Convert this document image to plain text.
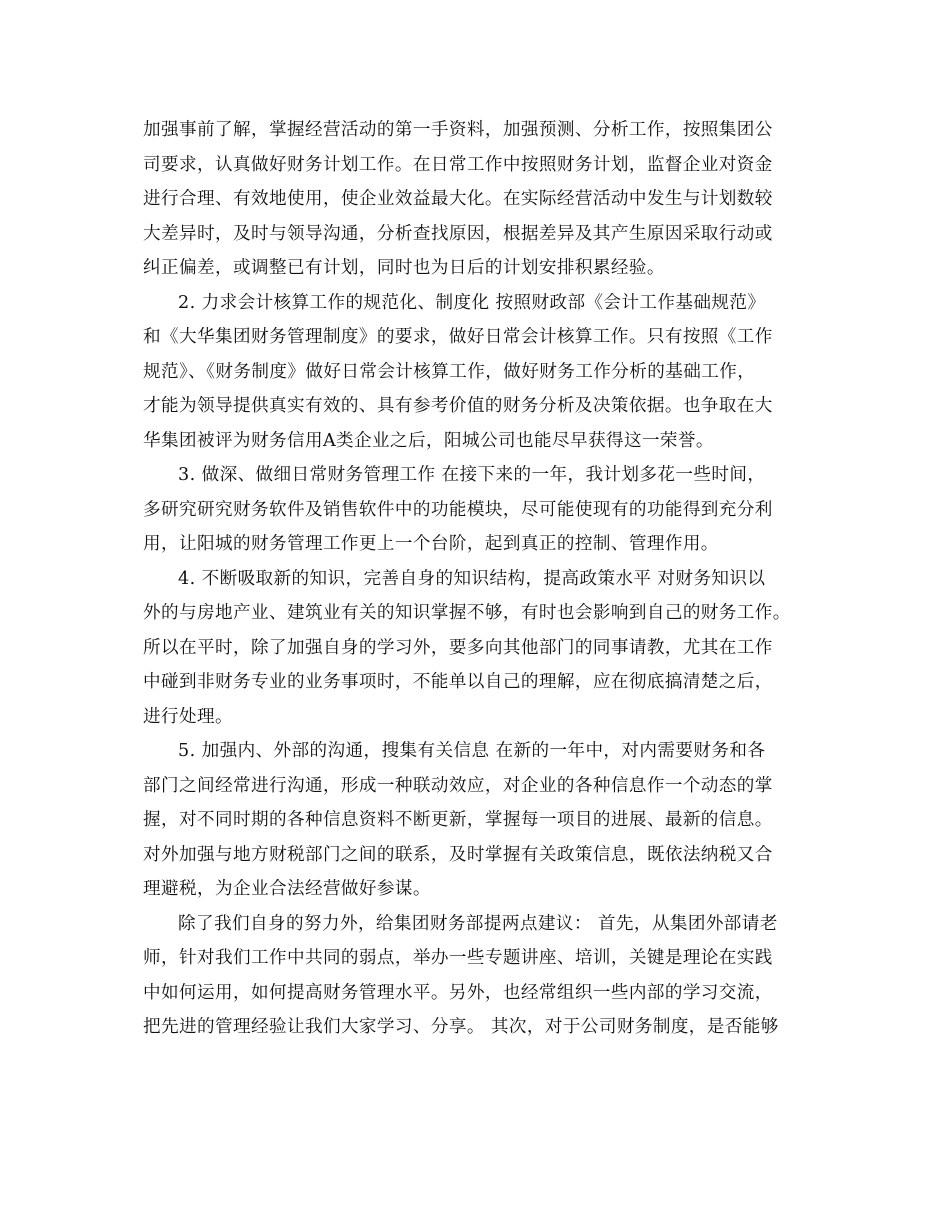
加强事前了解，掌握经营活动的第一手资料，加强预测、分析工作，按照集团公
司要求，认真做好财务计划工作。在日常工作中按照财务计划，监督企业对资金
进行合理、有效地使用，使企业效益最大化。在实际经营活动中发生与计划数较
大差异时，及时与领导沟通，分析查找原因，根据差异及其产生原因采取行动或
纠正偏差，或调整已有计划，同时也为日后的计划安排积累经验。
2. 力求会计核算工作的规范化、制度化 按照财政部《会计工作基础规范》
和《大华集团财务管理制度》的要求，做好日常会计核算工作。只有按照《工作
规范》、《财务制度》做好日常会计核算工作，做好财务工作分析的基础工作，
才能为领导提供真实有效的、具有参考价值的财务分析及决策依据。也争取在大
华集团被评为财务信用A类企业之后，阳城公司也能尽早获得这一荣誉。
3. 做深、做细日常财务管理工作 在接下来的一年，我计划多花一些时间，
多研究研究财务软件及销售软件中的功能模块，尽可能使现有的功能得到充分利
用，让阳城的财务管理工作更上一个台阶，起到真正的控制、管理作用。
4. 不断吸取新的知识，完善自身的知识结构，提高政策水平 对财务知识以
外的与房地产业、建筑业有关的知识掌握不够，有时也会影响到自己的财务工作。
所以在平时，除了加强自身的学习外，要多向其他部门的同事请教，尤其在工作
中碰到非财务专业的业务事项时，不能单以自己的理解，应在彻底搞清楚之后，
进行处理。
5. 加强内、外部的沟通，搜集有关信息 在新的一年中，对内需要财务和各
部门之间经常进行沟通，形成一种联动效应，对企业的各种信息作一个动态的掌
握，对不同时期的各种信息资料不断更新，掌握每一项目的进展、最新的信息。
对外加强与地方财税部门之间的联系，及时掌握有关政策信息，既依法纳税又合
理避税，为企业合法经营做好参谋。
除了我们自身的努力外，给集团财务部提两点建议： 首先，从集团外部请老
师，针对我们工作中共同的弱点，举办一些专题讲座、培训，关键是理论在实践
中如何运用，如何提高财务管理水平。另外，也经常组织一些内部的学习交流，
把先进的管理经验让我们大家学习、分享。 其次，对于公司财务制度，是否能够
